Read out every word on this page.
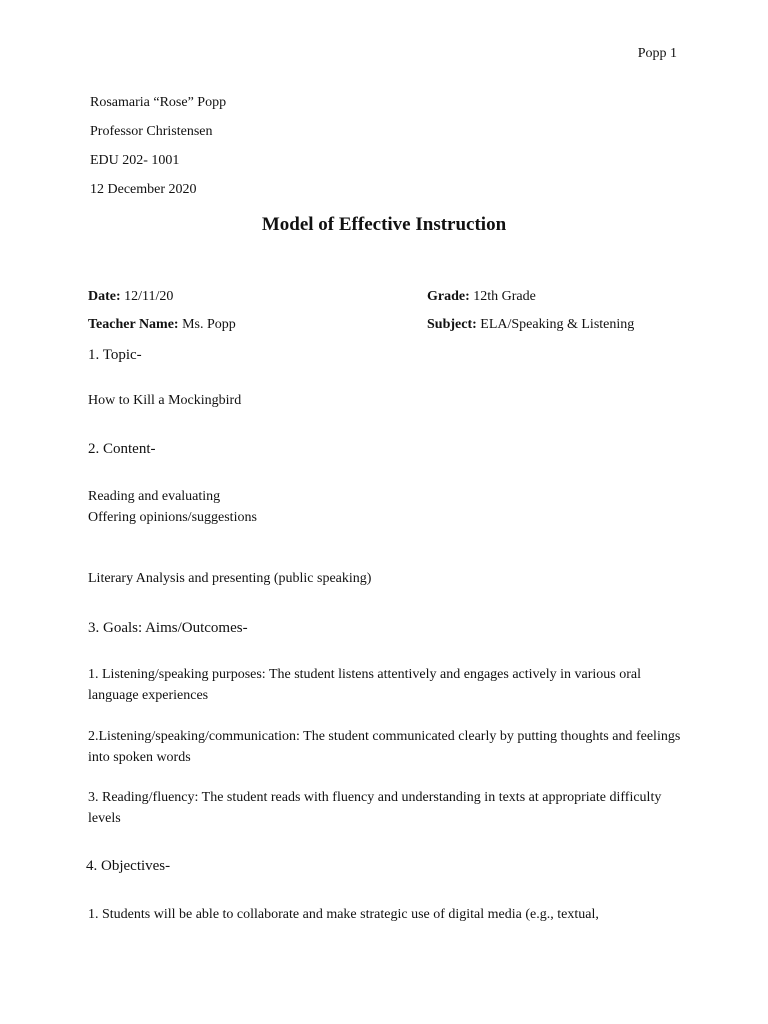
Popp 1
Rosamaria “Rose” Popp
Professor Christensen
EDU 202- 1001
12 December 2020
Model of Effective Instruction
Date: 12/11/20	Grade: 12th Grade
Teacher Name: Ms. Popp	Subject: ELA/Speaking & Listening
1. Topic-
How to Kill a Mockingbird
2. Content-
Reading and evaluating
Offering opinions/suggestions
Literary Analysis and presenting (public speaking)
3. Goals: Aims/Outcomes-
1. Listening/speaking purposes: The student listens attentively and engages actively in various oral language experiences
2.Listening/speaking/communication: The student communicated clearly by putting thoughts and feelings into spoken words
3. Reading/fluency: The student reads with fluency and understanding in texts at appropriate difficulty levels
4. Objectives-
1. Students will be able to collaborate and make strategic use of digital media (e.g., textual,
